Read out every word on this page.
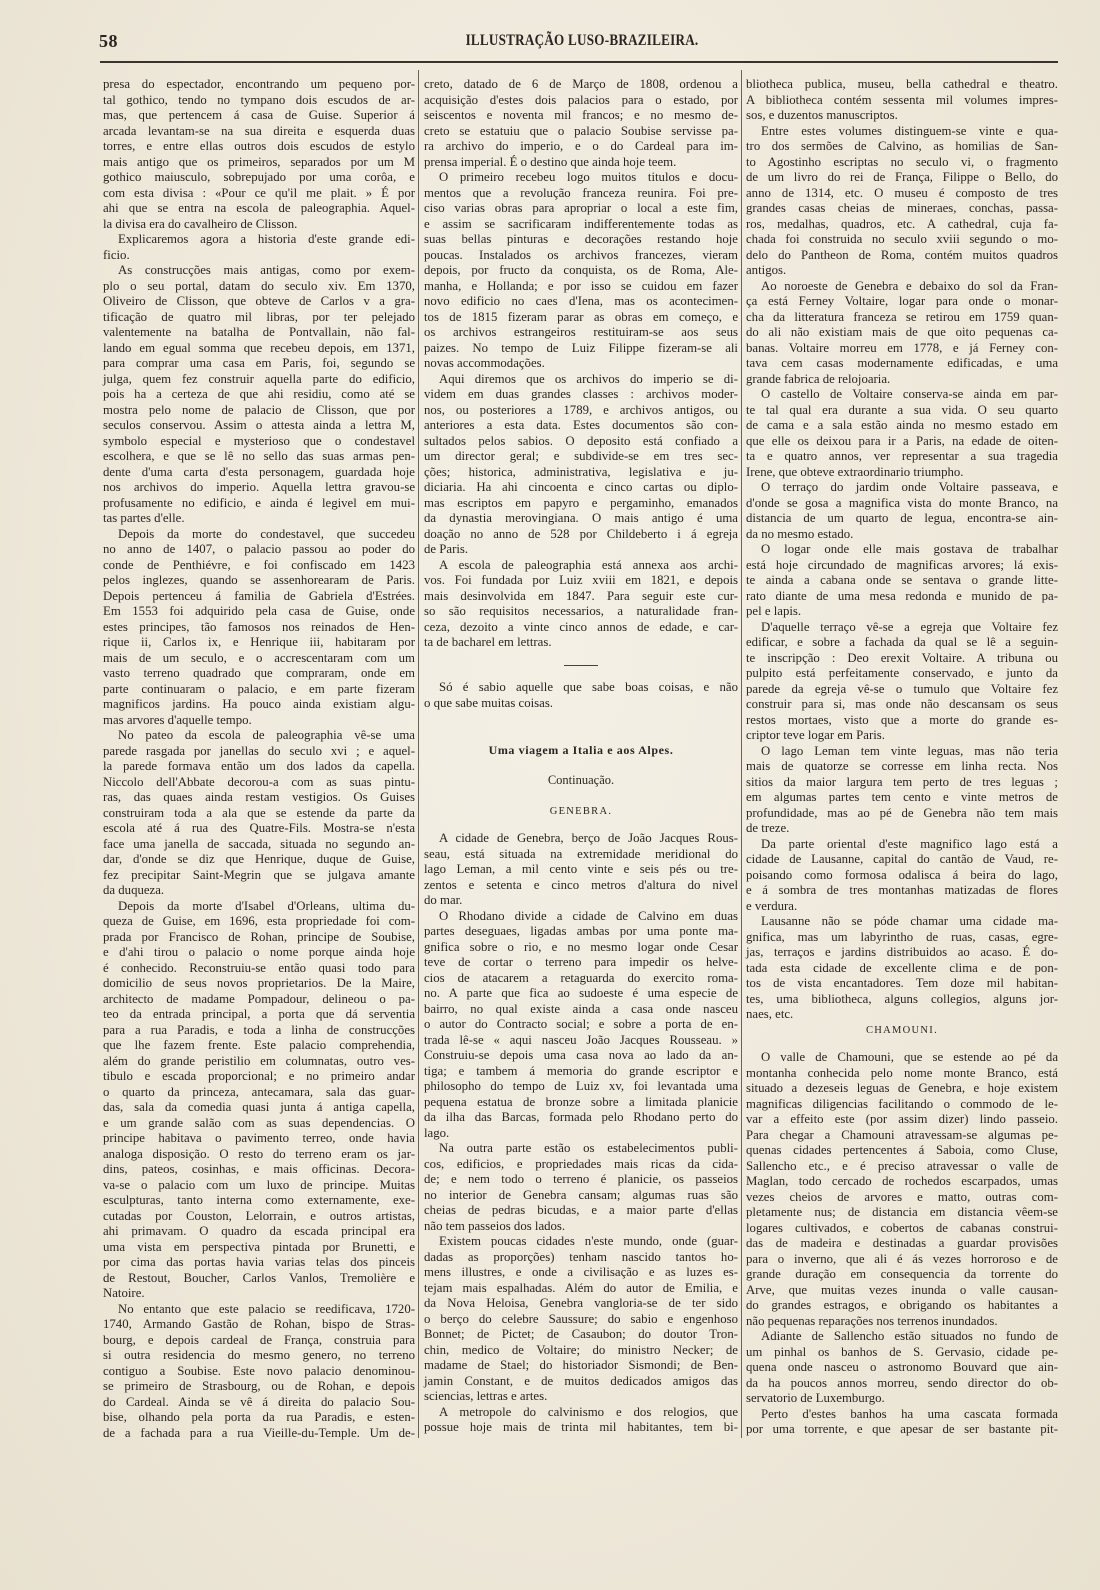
58	ILLUSTRAÇÃO LUSO-BRAZILEIRA.
presa do espectador, encontrando um pequeno por-
tal gothico, tendo no tympano dois escudos de ar-
mas, que pertencem á casa de Guise. Superior á
arcada levantam-se na sua direita e esquerda duas
torres, e entre ellas outros dois escudos de estylo
mais antigo que os primeiros, separados por um M
gothico maiusculo, sobrepujado por uma corôa, e
com esta divisa : «Pour ce qu'il me plait. » É por
ahi que se entra na escola de paleographia. Aquel-
la divisa era do cavalheiro de Clisson.
Explicaremos agora a historia d'este grande edi-
ficio.
As construcções mais antigas, como por exem-
plo o seu portal, datam do seculo xiv. Em 1370,
Oliveiro de Clisson, que obteve de Carlos v a gra-
tificação de quatro mil libras, por ter pelejado
valentemente na batalha de Pontvallain, não fal-
lando em egual somma que recebeu depois, em 1371,
para comprar uma casa em Paris, foi, segundo se
julga, quem fez construir aquella parte do edificio,
pois ha a certeza de que ahi residiu, como até se
mostra pelo nome de palacio de Clisson, que por
seculos conservou. Assim o attesta ainda a lettra M,
symbolo especial e mysterioso que o condestavel
escolhera, e que se lê no sello das suas armas pen-
dente d'uma carta d'esta personagem, guardada hoje
nos archivos do imperio. Aquella lettra gravou-se
profusamente no edificio, e ainda é legivel em mui-
tas partes d'elle.
Depois da morte do condestavel, que succedeu
no anno de 1407, o palacio passou ao poder do
conde de Penthiévre, e foi confiscado em 1423
pelos inglezes, quando se assenhorearam de Paris.
Depois pertenceu á familia de Gabriela d'Estrées.
Em 1553 foi adquirido pela casa de Guise, onde
estes principes, tão famosos nos reinados de Hen-
rique ii, Carlos ix, e Henrique iii, habitaram por
mais de um seculo, e o accrescentaram com um
vasto terreno quadrado que compraram, onde em
parte continuaram o palacio, e em parte fizeram
magnificos jardins. Ha pouco ainda existiam algu-
mas arvores d'aquelle tempo.
No pateo da escola de paleographia vê-se uma
parede rasgada por janellas do seculo xvi ; e aquel-
la parede formava então um dos lados da capella.
Niccolo dell'Abbate decorou-a com as suas pintu-
ras, das quaes ainda restam vestigios. Os Guises
construiram toda a ala que se estende da parte da
escola até á rua des Quatre-Fils. Mostra-se n'esta
face uma janella de saccada, situada no segundo an-
dar, d'onde se diz que Henrique, duque de Guise,
fez precipitar Saint-Megrin que se julgava amante
da duqueza.
Depois da morte d'Isabel d'Orleans, ultima du-
queza de Guise, em 1696, esta propriedade foi com-
prada por Francisco de Rohan, principe de Soubise,
e d'ahi tirou o palacio o nome porque ainda hoje
é conhecido. Reconstruiu-se então quasi todo para
domicilio de seus novos proprietarios. De la Maire,
architecto de madame Pompadour, delineou o pa-
teo da entrada principal, a porta que dá serventia
para a rua Paradis, e toda a linha de construcções
que lhe fazem frente. Este palacio comprehendia,
além do grande peristilio em columnatas, outro ves-
tibulo e escada proporcional; e no primeiro andar
o quarto da princeza, antecamara, sala das guar-
das, sala da comedia quasi junta á antiga capella,
e um grande salão com as suas dependencias. O
principe habitava o pavimento terreo, onde havia
analoga disposição. O resto do terreno eram os jar-
dins, pateos, cosinhas, e mais officinas. Decora-
va-se o palacio com um luxo de principe. Muitas
esculpturas, tanto interna como externamente, exe-
cutadas por Couston, Lelorrain, e outros artistas,
ahi primavam. O quadro da escada principal era
uma vista em perspectiva pintada por Brunetti, e
por cima das portas havia varias telas dos pinceis
de Restout, Boucher, Carlos Vanlos, Tremolière e
Natoire.
No entanto que este palacio se reedificava, 1720-
1740, Armando Gastão de Rohan, bispo de Stras-
bourg, e depois cardeal de França, construia para
si outra residencia do mesmo genero, no terreno
contiguo a Soubise. Este novo palacio denominou-
se primeiro de Strasbourg, ou de Rohan, e depois
do Cardeal. Ainda se vê á direita do palacio Sou-
bise, olhando pela porta da rua Paradis, e esten-
de a fachada para a rua Vieille-du-Temple. Um de-
creto, datado de 6 de Março de 1808, ordenou a
acquisição d'estes dois palacios para o estado, por
seiscentos e noventa mil francos; e no mesmo de-
creto se estatuiu que o palacio Soubise servisse pa-
ra archivo do imperio, e o do Cardeal para im-
prensa imperial. É o destino que ainda hoje teem.
O primeiro recebeu logo muitos titulos e docu-
mentos que a revolução franceza reunira. Foi pre-
ciso varias obras para apropriar o local a este fim,
e assim se sacrificaram indifferentemente todas as
suas bellas pinturas e decorações restando hoje
poucas. Instalados os archivos francezes, vieram
depois, por fructo da conquista, os de Roma, Ale-
manha, e Hollanda; e por isso se cuidou em fazer
novo edificio no caes d'Iena, mas os acontecimen-
tos de 1815 fizeram parar as obras em começo, e
os archivos estrangeiros restituiram-se aos seus
paizes. No tempo de Luiz Filippe fizeram-se ali
novas accommodações.
Aqui diremos que os archivos do imperio se di-
videm em duas grandes classes : archivos moder-
nos, ou posteriores a 1789, e archivos antigos, ou
anteriores a esta data. Estes documentos são con-
sultados pelos sabios. O deposito está confiado a
um director geral; e subdivide-se em tres sec-
ções; historica, administrativa, legislativa e ju-
diciaria. Ha ahi cincoenta e cinco cartas ou diplo-
mas escriptos em papyro e pergaminho, emanados
da dynastia merovingiana. O mais antigo é uma
doação no anno de 528 por Childeberto i á egreja
de Paris.
A escola de paleographia está annexa aos archi-
vos. Foi fundada por Luiz xviii em 1821, e depois
mais desinvolvida em 1847. Para seguir este cur-
so são requisitos necessarios, a naturalidade fran-
ceza, dezoito a vinte cinco annos de edade, e car-
ta de bacharel em lettras.
Só é sabio aquelle que sabe boas coisas, e não
o que sabe muitas coisas.
Uma viagem a Italia e aos Alpes.
Continuação.
GENEBRA.
A cidade de Genebra, berço de João Jacques Rous-
seau, está situada na extremidade meridional do
lago Leman, a mil cento vinte e seis pés ou tre-
zentos e setenta e cinco metros d'altura do nivel
do mar.
O Rhodano divide a cidade de Calvino em duas
partes deseguaes, ligadas ambas por uma ponte ma-
gnifica sobre o rio, e no mesmo logar onde Cesar
teve de cortar o terreno para impedir os helve-
cios de atacarem a retaguarda do exercito roma-
no. A parte que fica ao sudoeste é uma especie de
bairro, no qual existe ainda a casa onde nasceu
o autor do Contracto social; e sobre a porta de en-
trada lê-se « aqui nasceu João Jacques Rousseau. »
Construiu-se depois uma casa nova ao lado da an-
tiga; e tambem á memoria do grande escriptor e
philosopho do tempo de Luiz xv, foi levantada uma
pequena estatua de bronze sobre a limitada planicie
da ilha das Barcas, formada pelo Rhodano perto do
lago.
Na outra parte estão os estabelecimentos publi-
cos, edificios, e propriedades mais ricas da cida-
de; e nem todo o terreno é planicie, os passeios
no interior de Genebra cansam; algumas ruas são
cheias de pedras bicudas, e a maior parte d'ellas
não tem passeios dos lados.
Existem poucas cidades n'este mundo, onde (guar-
dadas as proporções) tenham nascido tantos ho-
mens illustres, e onde a civilisação e as luzes es-
tejam mais espalhadas. Além do autor de Emilia, e
da Nova Heloisa, Genebra vangloria-se de ter sido
o berço do celebre Saussure; do sabio e engenhoso
Bonnet; de Pictet; de Casaubon; do doutor Tron-
chin, medico de Voltaire; do ministro Necker; de
madame de Stael; do historiador Sismondi; de Ben-
jamin Constant, e de muitos dedicados amigos das
sciencias, lettras e artes.
A metropole do calvinismo e dos relogios, que
possue hoje mais de trinta mil habitantes, tem bi-
bliotheca publica, museu, bella cathedral e theatro.
A bibliotheca contém sessenta mil volumes impres-
sos, e duzentos manuscriptos.
Entre estes volumes distinguem-se vinte e qua-
tro dos sermões de Calvino, as homilias de San-
to Agostinho escriptas no seculo vi, o fragmento
de um livro do rei de França, Filippe o Bello, do
anno de 1314, etc. O museu é composto de tres
grandes casas cheias de mineraes, conchas, passa-
ros, medalhas, quadros, etc. A cathedral, cuja fa-
chada foi construida no seculo xviii segundo o mo-
delo do Pantheon de Roma, contém muitos quadros
antigos.
Ao noroeste de Genebra e debaixo do sol da Fran-
ça está Ferney Voltaire, logar para onde o monar-
cha da litteratura franceza se retirou em 1759 quan-
do ali não existiam mais de que oito pequenas ca-
banas. Voltaire morreu em 1778, e já Ferney con-
tava cem casas modernamente edificadas, e uma
grande fabrica de relojoaria.
O castello de Voltaire conserva-se ainda em par-
te tal qual era durante a sua vida. O seu quarto
de cama e a sala estão ainda no mesmo estado em
que elle os deixou para ir a Paris, na edade de oiten-
ta e quatro annos, ver representar a sua tragedia
Irene, que obteve extraordinario triumpho.
O terraço do jardim onde Voltaire passeava, e
d'onde se gosa a magnifica vista do monte Branco, na
distancia de um quarto de legua, encontra-se ain-
da no mesmo estado.
O logar onde elle mais gostava de trabalhar
está hoje circundado de magnificas arvores; lá exis-
te ainda a cabana onde se sentava o grande litte-
rato diante de uma mesa redonda e munido de pa-
pel e lapis.
D'aquelle terraço vê-se a egreja que Voltaire fez
edificar, e sobre a fachada da qual se lê a seguin-
te inscripção : Deo erexit Voltaire. A tribuna ou
pulpito está perfeitamente conservado, e junto da
parede da egreja vê-se o tumulo que Voltaire fez
construir para si, mas onde não descansam os seus
restos mortaes, visto que a morte do grande es-
criptor teve logar em Paris.
O lago Leman tem vinte leguas, mas não teria
mais de quatorze se corresse em linha recta. Nos
sitios da maior largura tem perto de tres leguas ;
em algumas partes tem cento e vinte metros de
profundidade, mas ao pé de Genebra não tem mais
de treze.
Da parte oriental d'este magnifico lago está a
cidade de Lausanne, capital do cantão de Vaud, re-
poisando como formosa odalisca á beira do lago,
e á sombra de tres montanhas matizadas de flores
e verdura.
Lausanne não se póde chamar uma cidade ma-
gnifica, mas um labyrintho de ruas, casas, egre-
jas, terraços e jardins distribuidos ao acaso. É do-
tada esta cidade de excellente clima e de pon-
tos de vista encantadores. Tem doze mil habitan-
tes, uma bibliotheca, alguns collegios, alguns jor-
naes, etc.
CHAMOUNI.
O valle de Chamouni, que se estende ao pé da
montanha conhecida pelo nome monte Branco, está
situado a dezeseis leguas de Genebra, e hoje existem
magnificas diligencias facilitando o commodo de le-
var a effeito este (por assim dizer) lindo passeio.
Para chegar a Chamouni atravessam-se algumas pe-
quenas cidades pertencentes á Saboia, como Cluse,
Sallencho etc., e é preciso atravessar o valle de
Maglan, todo cercado de rochedos escarpados, umas
vezes cheios de arvores e matto, outras com-
pletamente nus; de distancia em distancia vêem-se
logares cultivados, e cobertos de cabanas construi-
das de madeira e destinadas a guardar provisões
para o inverno, que ali é ás vezes horroroso e de
grande duração em consequencia da torrente do
Arve, que muitas vezes inunda o valle causan-
do grandes estragos, e obrigando os habitantes a
não pequenas reparações nos terrenos inundados.
Adiante de Sallencho estão situados no fundo de
um pinhal os banhos de S. Gervasio, cidade pe-
quena onde nasceu o astronomo Bouvard que ain-
da ha poucos annos morreu, sendo director do ob-
servatorio de Luxemburgo.
Perto d'estes banhos ha uma cascata formada
por uma torrente, e que apesar de ser bastante pit-
